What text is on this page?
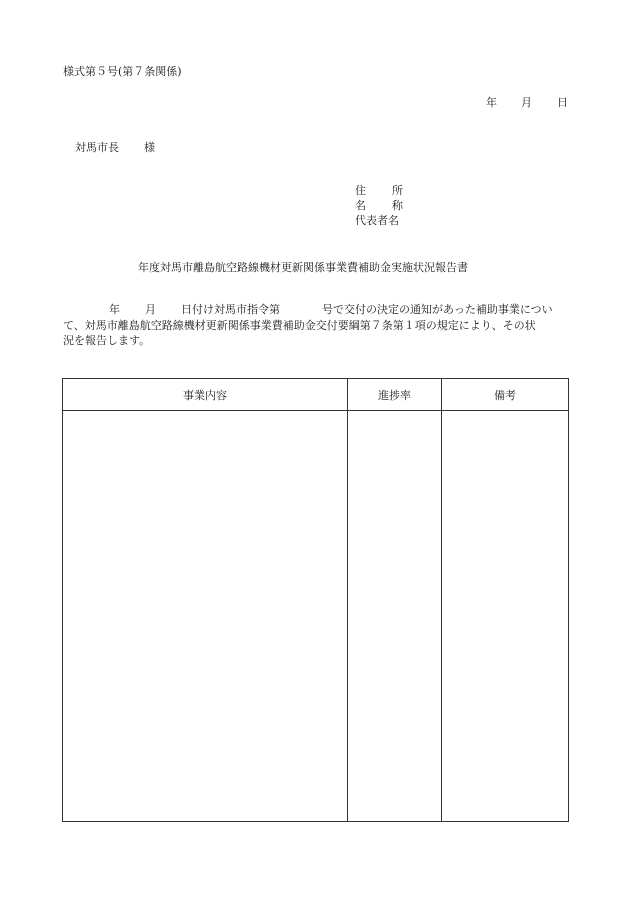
様式第５号(第７条関係)
年 月 日
対馬市長 様
住 所
名 称
代表者名
年度対馬市離島航空路線機材更新関係事業費補助金実施状況報告書
年 月 日付け対馬市指令第	号で交付の決定の通知があった補助事業につい
て、対馬市離島航空路線機材更新関係事業費補助金交付要綱第７条第１項の規定により、その状
況を報告します。
事業内容	進捗率	備考
